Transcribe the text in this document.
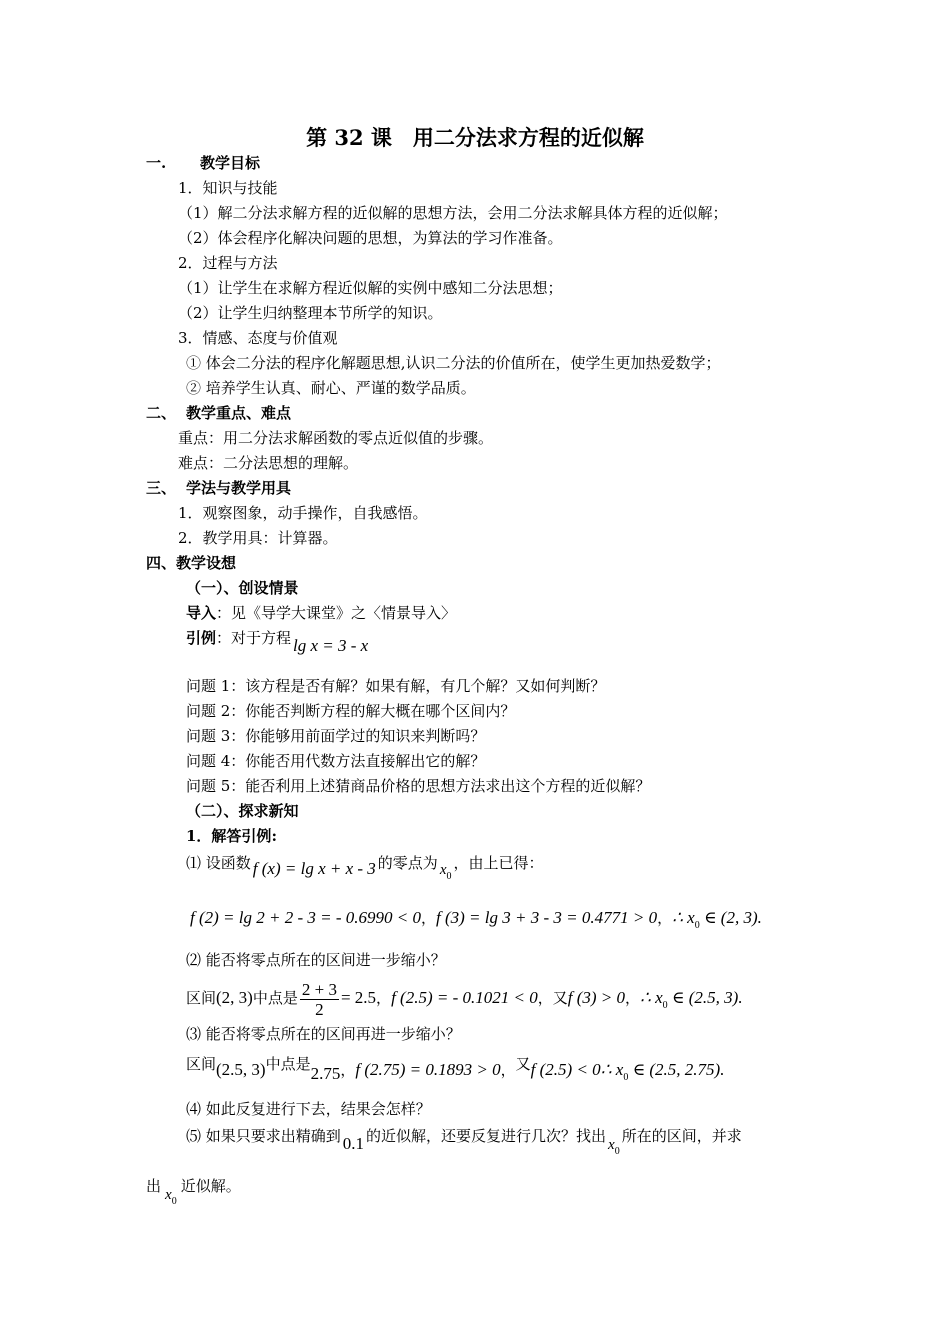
第 32 课　用二分法求方程的近似解
一. 教学目标
1．知识与技能
（1）解二分法求解方程的近似解的思想方法，会用二分法求解具体方程的近似解；
（2）体会程序化解决问题的思想，为算法的学习作准备。
2．过程与方法
（1）让学生在求解方程近似解的实例中感知二分法思想；
（2）让学生归纳整理本节所学的知识。
3．情感、态度与价值观
① 体会二分法的程序化解题思想,认识二分法的价值所在，使学生更加热爱数学；
② 培养学生认真、耐心、严谨的数学品质。
二、 教学重点、难点
重点：用二分法求解函数的零点近似值的步骤。
难点：二分法思想的理解。
三、 学法与教学用具
1．观察图象，动手操作，自我感悟。
2．教学用具：计算器。
四、教学设想
（一）、创设情景
导入：见《导学大课堂》之〈情景导入〉
引例：对于方程 lg x = 3 - x
问题 1：该方程是否有解？如果有解，有几个解？又如何判断？
问题 2：你能否判断方程的解大概在哪个区间内？
问题 3：你能够用前面学过的知识来判断吗？
问题 4：你能否用代数方法直接解出它的解？
问题 5：能否利用上述猜商品价格的思想方法求出这个方程的近似解？
（二）、探求新知
1．解答引例:
⑴ 设函数 f (x) = lg x + x - 3 的零点为 $x_0$，由上已得：
f (2) = lg 2 + 2 - 3 = - 0.6990 < 0，f (3) = lg 3 + 3 - 3 = 0.4771 > 0，∴ $x_0$ ∈ (2, 3).
⑵ 能否将零点所在的区间进一步缩小？
区间(2, 3)中点是 $\frac{2 + 3}{2} = 2.5$，f (2.5) = - 0.1021 < 0，又f (3) > 0，∴ $x_0$ ∈ (2.5, 3).
⑶ 能否将零点所在的区间再进一步缩小？
区间(2.5, 3)中点是2.75，f (2.75) = 0.1893 > 0，又f (2.5) < 0∴ $x_0$ ∈ (2.5, 2.75).
⑷ 如此反复进行下去，结果会怎样？
⑸ 如果只要求出精确到 0.1 的近似解，还要反复进行几次？找出 $x_0$所在的区间，并求
出 $x_0$近似解。
